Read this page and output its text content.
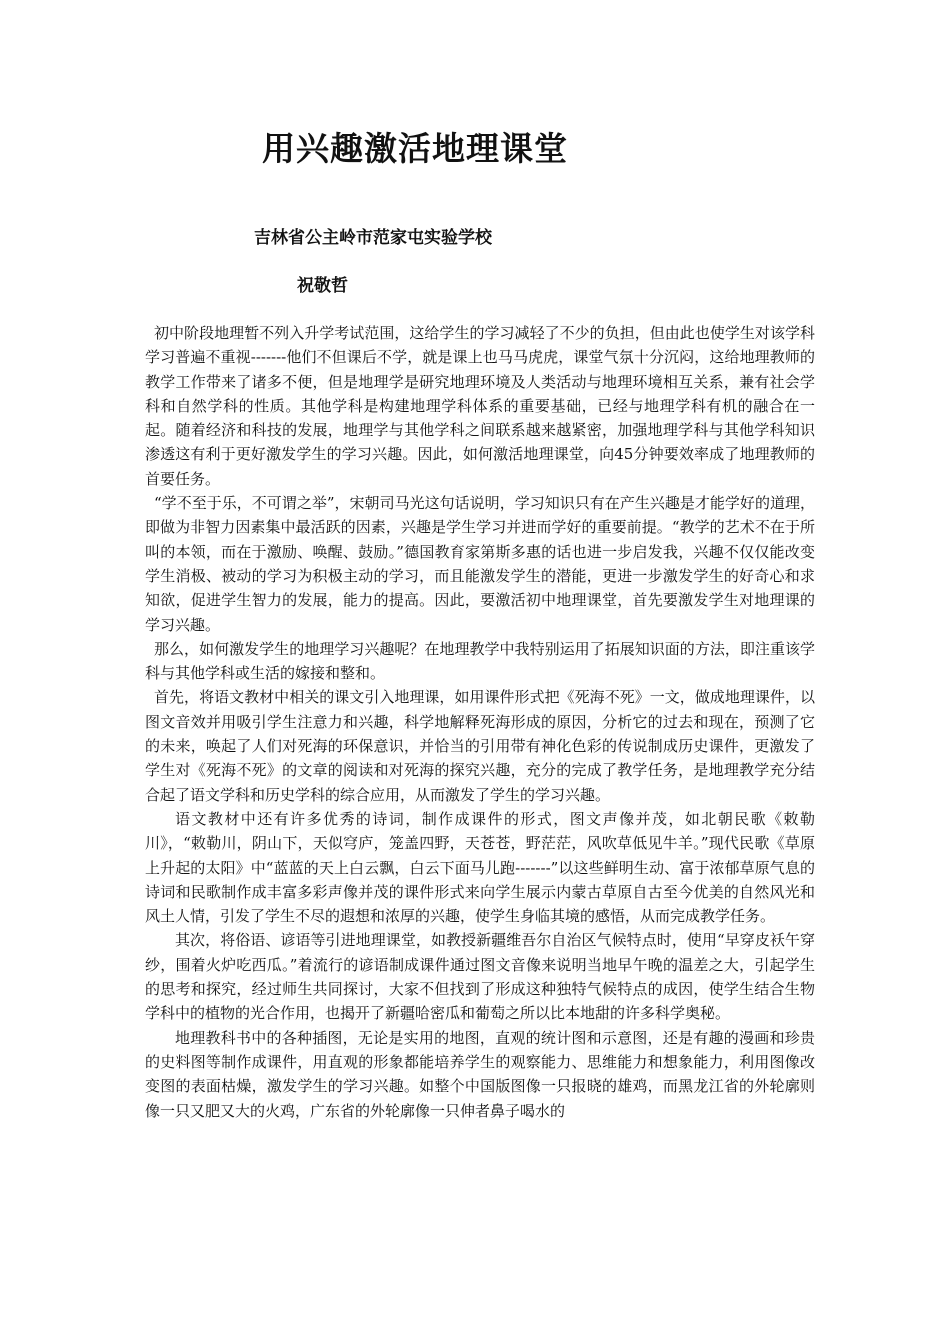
用兴趣激活地理课堂
吉林省公主岭市范家屯实验学校
祝敬哲

初中阶段地理暂不列入升学考试范围，这给学生的学习减轻了不少的负担，但由此也使学生对该学科学习普遍不重视-------他们不但课后不学，就是课上也马马虎虎，课堂气氛十分沉闷，这给地理教师的教学工作带来了诸多不便，但是地理学是研究地理环境及人类活动与地理环境相互关系，兼有社会学科和自然学科的性质。其他学科是构建地理学科体系的重要基础，已经与地理学科有机的融合在一起。随着经济和科技的发展，地理学与其他学科之间联系越来越紧密，加强地理学科与其他学科知识渗透这有利于更好激发学生的学习兴趣。因此，如何激活地理课堂，向45分钟要效率成了地理教师的首要任务。

“学不至于乐，不可谓之举”，宋朝司马光这句话说明，学习知识只有在产生兴趣是才能学好的道理，即做为非智力因素集中最活跃的因素，兴趣是学生学习并进而学好的重要前提。“教学的艺术不在于所叫的本领，而在于激励、唤醒、鼓励。”德国教育家第斯多惠的话也进一步启发我，兴趣不仅仅能改变学生消极、被动的学习为积极主动的学习，而且能激发学生的潜能，更进一步激发学生的好奇心和求知欲，促进学生智力的发展，能力的提高。因此，要激活初中地理课堂，首先要激发学生对地理课的学习兴趣。

那么，如何激发学生的地理学习兴趣呢？在地理教学中我特别运用了拓展知识面的方法，即注重该学科与其他学科或生活的嫁接和整和。

首先，将语文教材中相关的课文引入地理课，如用课件形式把《死海不死》一文，做成地理课件，以图文音效并用吸引学生注意力和兴趣，科学地解释死海形成的原因，分析它的过去和现在，预测了它的未来，唤起了人们对死海的环保意识，并恰当的引用带有神化色彩的传说制成历史课件，更激发了学生对《死海不死》的文章的阅读和对死海的探究兴趣，充分的完成了教学任务，是地理教学充分结合起了语文学科和历史学科的综合应用，从而激发了学生的学习兴趣。

语文教材中还有许多优秀的诗词，制作成课件的形式，图文声像并茂，如北朝民歌《敕勒川》，“敕勒川，阴山下，天似穹庐，笼盖四野，天苍苍，野茫茫，风吹草低见牛羊。”现代民歌《草原上升起的太阳》中“蓝蓝的天上白云飘，白云下面马儿跑-------”以这些鲜明生动、富于浓郁草原气息的诗词和民歌制作成丰富多彩声像并茂的课件形式来向学生展示内蒙古草原自古至今优美的自然风光和风土人情，引发了学生不尽的遐想和浓厚的兴趣，使学生身临其境的感悟，从而完成教学任务。

其次，将俗语、谚语等引进地理课堂，如教授新疆维吾尔自治区气候特点时，使用“早穿皮袄午穿纱，围着火炉吃西瓜。”着流行的谚语制成课件通过图文音像来说明当地早午晚的温差之大，引起学生的思考和探究，经过师生共同探讨，大家不但找到了形成这种独特气候特点的成因，使学生结合生物学科中的植物的光合作用，也揭开了新疆哈密瓜和葡萄之所以比本地甜的许多科学奥秘。

地理教科书中的各种插图，无论是实用的地图，直观的统计图和示意图，还是有趣的漫画和珍贵的史料图等制作成课件，用直观的形象都能培养学生的观察能力、思维能力和想象能力，利用图像改变图的表面枯燥，激发学生的学习兴趣。如整个中国版图像一只报晓的雄鸡，而黑龙江省的外轮廓则像一只又肥又大的火鸡，广东省的外轮廓像一只伸者鼻子喝水的
